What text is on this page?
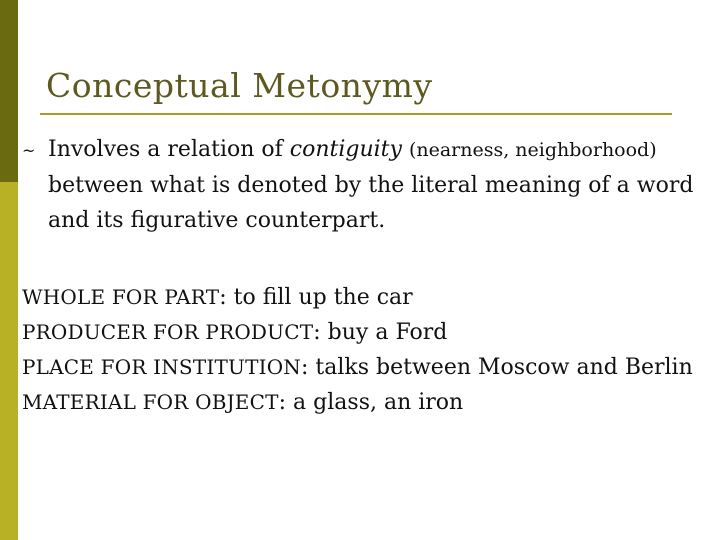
Conceptual Metonymy
~ Involves a relation of contiguity (nearness, neighborhood) between what is denoted by the literal meaning of a word and its figurative counterpart.
WHOLE FOR PART: to fill up the car
PRODUCER FOR PRODUCT: buy a Ford
PLACE FOR INSTITUTION: talks between Moscow and Berlin
MATERIAL FOR OBJECT: a glass, an iron
